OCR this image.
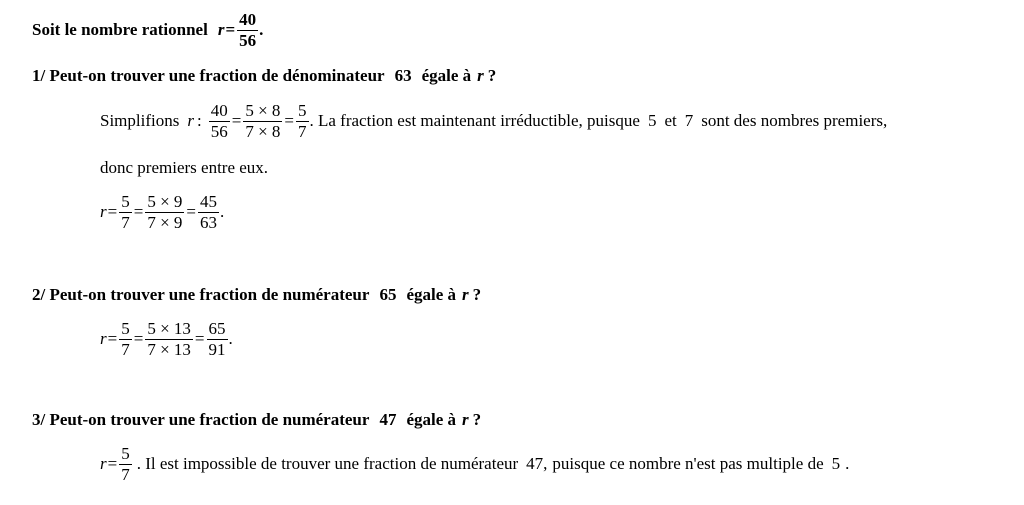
Soit le nombre rationnel $r = \frac{40}{56}$ .
1/ Peut-on trouver une fraction de dénominateur 63 égale à r ?
Simplifions r : $\frac{40}{56} = \frac{5 \times 8}{7 \times 8} = \frac{5}{7}$ . La fraction est maintenant irréductible, puisque 5 et 7 sont des nombres premiers,
donc premiers entre eux.
$r = \frac{5}{7} = \frac{5 \times 9}{7 \times 9} = \frac{45}{63}$ .
2/ Peut-on trouver une fraction de numérateur 65 égale à r ?
$r = \frac{5}{7} = \frac{5 \times 13}{7 \times 13} = \frac{65}{91}$ .
3/ Peut-on trouver une fraction de numérateur 47 égale à r ?
$r = \frac{5}{7}$ . Il est impossible de trouver une fraction de numérateur 47, puisque ce nombre n'est pas multiple de 5 .
